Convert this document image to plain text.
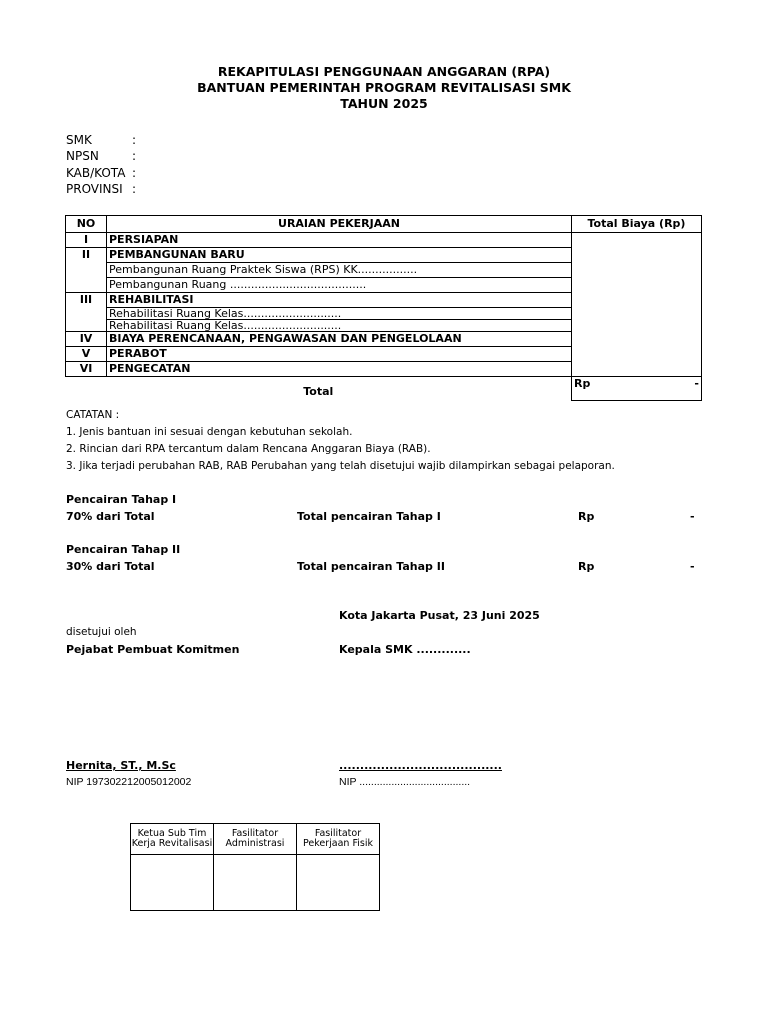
REKAPITULASI PENGGUNAAN ANGGARAN (RPA)
BANTUAN PEMERINTAH PROGRAM REVITALISASI SMK
TAHUN 2025
SMK	:
NPSN	:
KAB/KOTA :
PROVINSI :
NO	URAIAN PEKERJAAN	Total Biaya (Rp)
I	PERSIAPAN	
II	PEMBANGUNAN BARU	
	Pembangunan Ruang Praktek Siswa (RPS) KK.................	
	Pembangunan Ruang .......................................	
III	REHABILITASI	
	Rehabilitasi Ruang Kelas............................	
	Rehabilitasi Ruang Kelas............................	
IV	BIAYA PERENCANAAN, PENGAWASAN DAN PENGELOLAAN	
V	PERABOT	
VI	PENGECATAN	
Total		Rp -
CATATAN :
1. Jenis bantuan ini sesuai dengan kebutuhan sekolah.
2. Rincian dari RPA tercantum dalam Rencana Anggaran Biaya (RAB).
3. Jika terjadi perubahan RAB, RAB Perubahan yang telah disetujui wajib dilampirkan sebagai pelaporan.
Pencairan Tahap I
70% dari Total	Total pencairan Tahap I	Rp	-
Pencairan Tahap II
30% dari Total	Total pencairan Tahap II	Rp	-
Kota Jakarta Pusat, 23 Juni 2025
disetujui oleh
Pejabat Pembuat Komitmen	Kepala SMK .............
Hernita, ST., M.Sc
NIP 197302212005012002
.......................................
NIP ......................................
Ketua Sub Tim Kerja Revitalisasi	Fasilitator Administrasi	Fasilitator Pekerjaan Fisik
